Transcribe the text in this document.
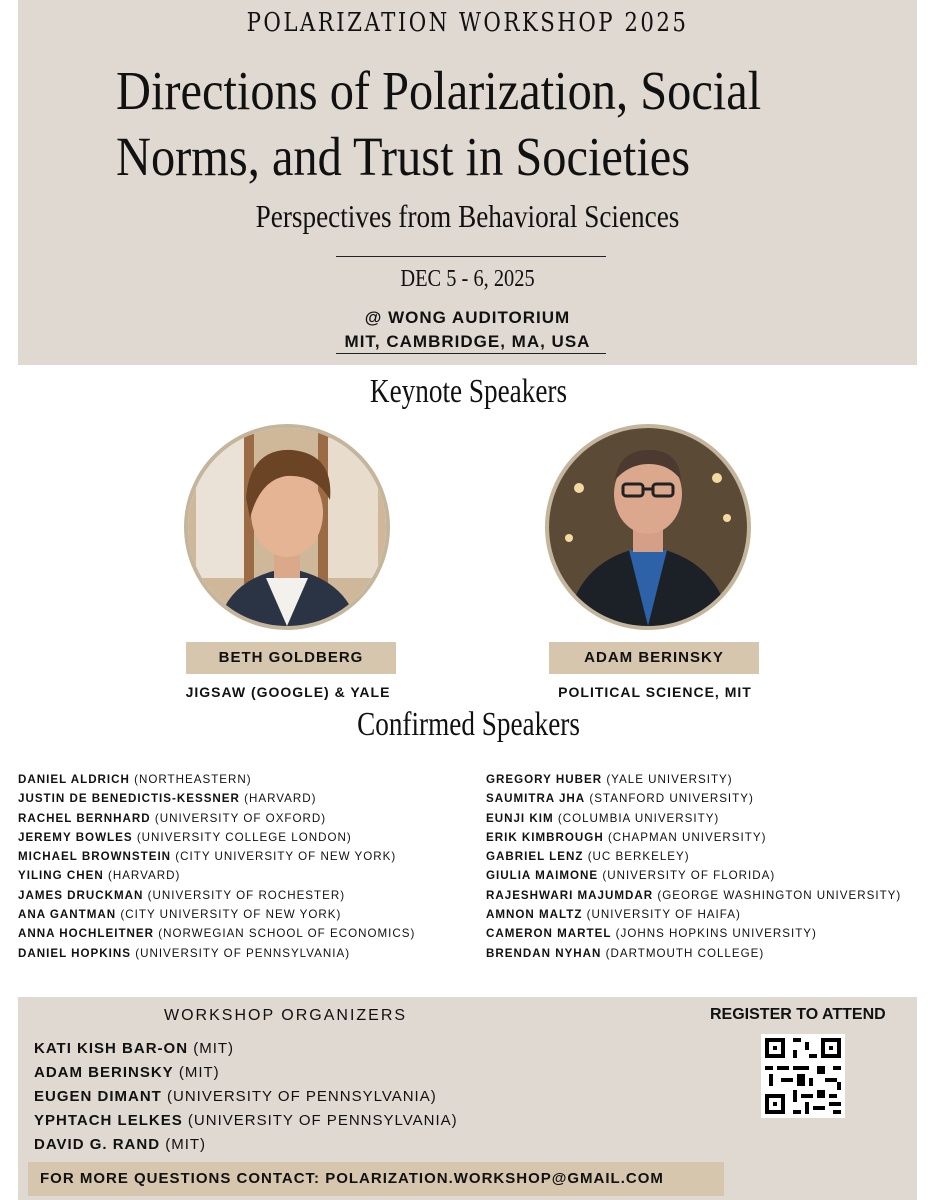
POLARIZATION WORKSHOP 2025
Directions of Polarization, Social Norms, and Trust in Societies
Perspectives from Behavioral Sciences
DEC 5 - 6, 2025
@ WONG AUDITORIUM
MIT, CAMBRIDGE, MA, USA
Keynote Speakers
BETH GOLDBERG	ADAM BERINSKY
JIGSAW (GOOGLE) & YALE	POLITICAL SCIENCE, MIT
Confirmed Speakers
DANIEL ALDRICH (NORTHEASTERN)
JUSTIN DE BENEDICTIS-KESSNER (HARVARD)
RACHEL BERNHARD (UNIVERSITY OF OXFORD)
JEREMY BOWLES (UNIVERSITY COLLEGE LONDON)
MICHAEL BROWNSTEIN (CITY UNIVERSITY OF NEW YORK)
YILING CHEN (HARVARD)
JAMES DRUCKMAN (UNIVERSITY OF ROCHESTER)
ANA GANTMAN (CITY UNIVERSITY OF NEW YORK)
ANNA HOCHLEITNER (NORWEGIAN SCHOOL OF ECONOMICS)
DANIEL HOPKINS (UNIVERSITY OF PENNSYLVANIA)
GREGORY HUBER (YALE UNIVERSITY)
SAUMITRA JHA (STANFORD UNIVERSITY)
EUNJI KIM (COLUMBIA UNIVERSITY)
ERIK KIMBROUGH (CHAPMAN UNIVERSITY)
GABRIEL LENZ (UC BERKELEY)
GIULIA MAIMONE (UNIVERSITY OF FLORIDA)
RAJESHWARI MAJUMDAR (GEORGE WASHINGTON UNIVERSITY)
AMNON MALTZ (UNIVERSITY OF HAIFA)
CAMERON MARTEL (JOHNS HOPKINS UNIVERSITY)
BRENDAN NYHAN (DARTMOUTH COLLEGE)
WORKSHOP ORGANIZERS
KATI KISH BAR-ON (MIT)
ADAM BERINSKY (MIT)
EUGEN DIMANT (UNIVERSITY OF PENNSYLVANIA)
YPHTACH LELKES (UNIVERSITY OF PENNSYLVANIA)
DAVID G. RAND (MIT)
REGISTER TO ATTEND
FOR MORE QUESTIONS CONTACT: POLARIZATION.WORKSHOP@GMAIL.COM
